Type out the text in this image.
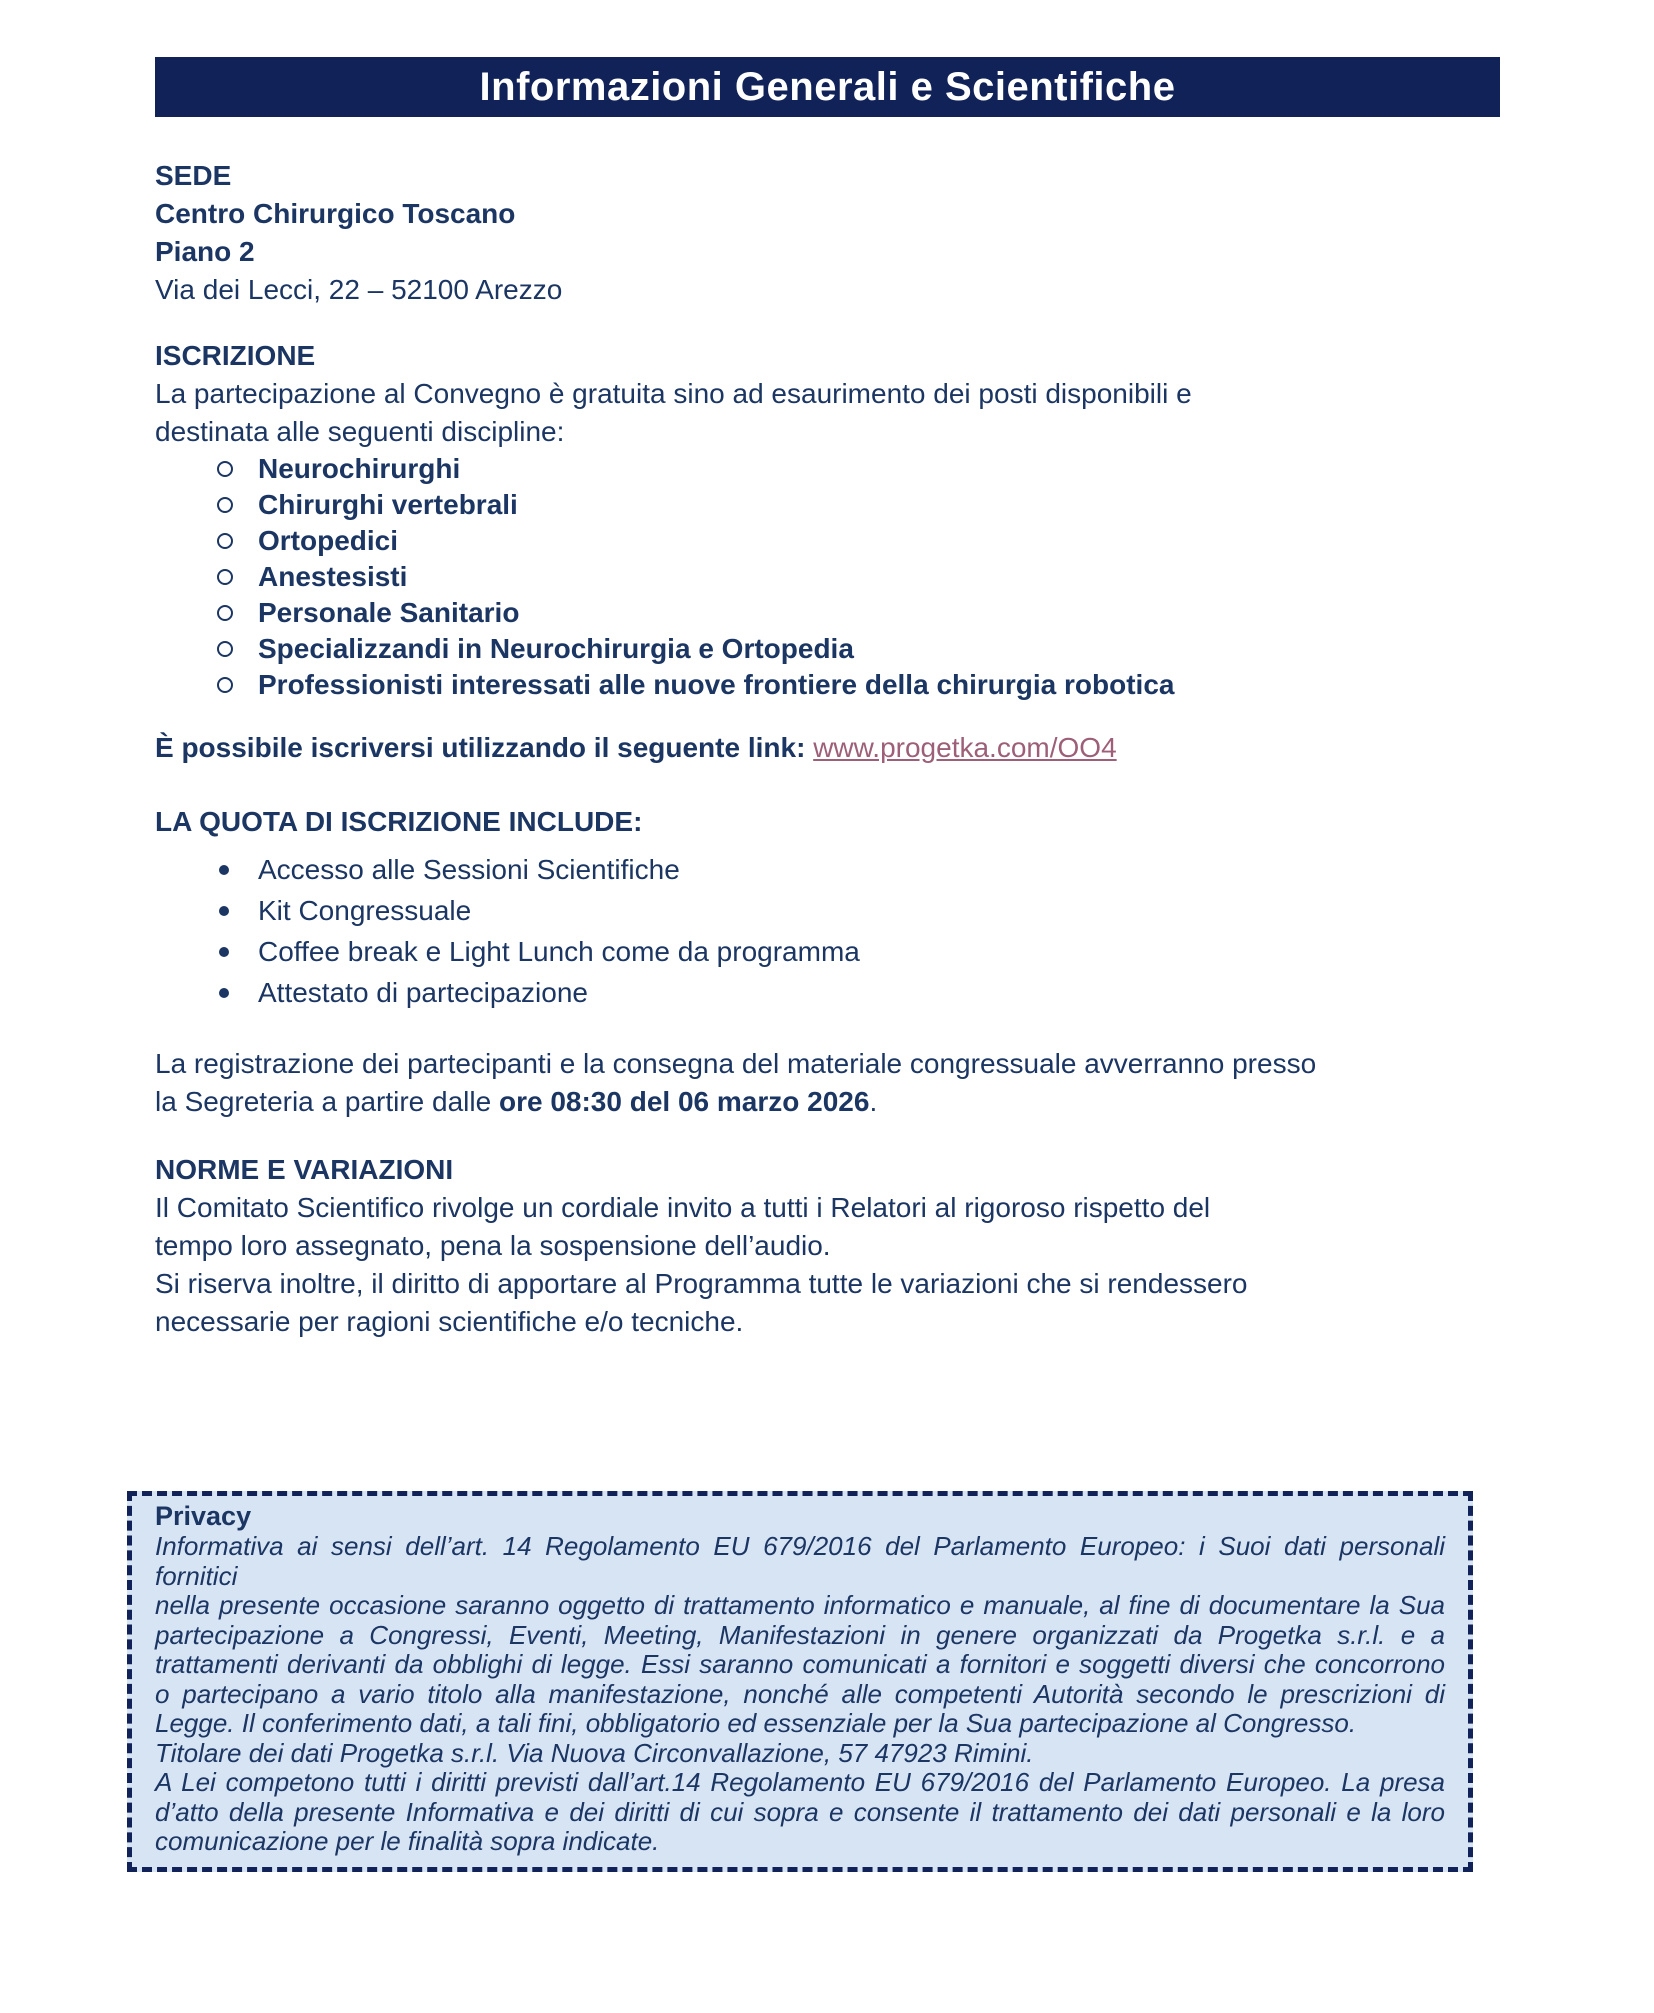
Informazioni Generali e Scientifiche
SEDE
Centro Chirurgico Toscano
Piano 2
Via dei Lecci, 22 – 52100 Arezzo
ISCRIZIONE
La partecipazione al Convegno è gratuita sino ad esaurimento dei posti disponibili e
destinata alle seguenti discipline:
Neurochirurghi
Chirurghi vertebrali
Ortopedici
Anestesisti
Personale Sanitario
Specializzandi in Neurochirurgia e Ortopedia
Professionisti interessati alle nuove frontiere della chirurgia robotica
È possibile iscriversi utilizzando il seguente link: www.progetka.com/OO4
LA QUOTA DI ISCRIZIONE INCLUDE:
Accesso alle Sessioni Scientifiche
Kit Congressuale
Coffee break e Light Lunch come da programma
Attestato di partecipazione
La registrazione dei partecipanti e la consegna del materiale congressuale avverranno presso
la Segreteria a partire dalle ore 08:30 del 06 marzo 2026.
NORME E VARIAZIONI
Il Comitato Scientifico rivolge un cordiale invito a tutti i Relatori al rigoroso rispetto del
tempo loro assegnato, pena la sospensione dell’audio.
Si riserva inoltre, il diritto di apportare al Programma tutte le variazioni che si rendessero
necessarie per ragioni scientifiche e/o tecniche.
Privacy
Informativa ai sensi dell’art. 14 Regolamento EU 679/2016 del Parlamento Europeo: i Suoi dati personali fornitici
nella presente occasione saranno oggetto di trattamento informatico e manuale, al fine di documentare la Sua
partecipazione a Congressi, Eventi, Meeting, Manifestazioni in genere organizzati da Progetka s.r.l. e a
trattamenti derivanti da obblighi di legge. Essi saranno comunicati a fornitori e soggetti diversi che concorrono
o partecipano a vario titolo alla manifestazione, nonché alle competenti Autorità secondo le prescrizioni di
Legge. Il conferimento dati, a tali fini, obbligatorio ed essenziale per la Sua partecipazione al Congresso.
Titolare dei dati Progetka s.r.l. Via Nuova Circonvallazione, 57 47923 Rimini.
A Lei competono tutti i diritti previsti dall’art.14 Regolamento EU 679/2016 del Parlamento Europeo. La presa
d’atto della presente Informativa e dei diritti di cui sopra e consente il trattamento dei dati personali e la loro
comunicazione per le finalità sopra indicate.
